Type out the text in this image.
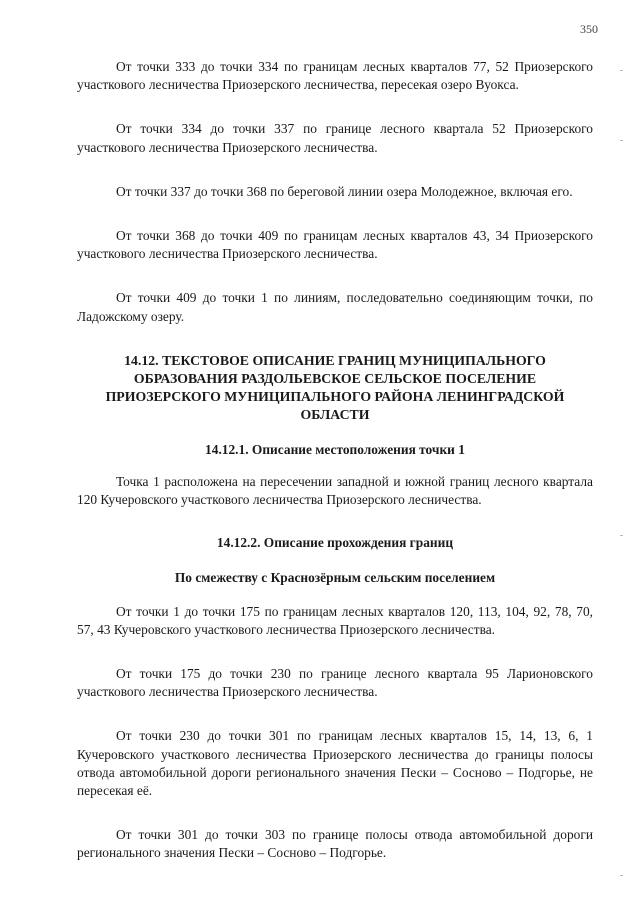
350

От точки 333 до точки 334 по границам лесных кварталов 77, 52 Приозерского участкового лесничества Приозерского лесничества, пересекая озеро Вуокса.

От точки 334 до точки 337 по границе лесного квартала 52 Приозерского участкового лесничества Приозерского лесничества.

От точки 337 до точки 368 по береговой линии озера Молодежное, включая его.

От точки 368 до точки 409 по границам лесных кварталов 43, 34 Приозерского участкового лесничества Приозерского лесничества.

От точки 409 до точки 1 по линиям, последовательно соединяющим точки, по Ладожскому озеру.

14.12. ТЕКСТОВОЕ ОПИСАНИЕ ГРАНИЦ МУНИЦИПАЛЬНОГО ОБРАЗОВАНИЯ РАЗДОЛЬЕВСКОЕ СЕЛЬСКОЕ ПОСЕЛЕНИЕ ПРИОЗЕРСКОГО МУНИЦИПАЛЬНОГО РАЙОНА ЛЕНИНГРАДСКОЙ ОБЛАСТИ
14.12.1. Описание местоположения точки 1

Точка 1 расположена на пересечении западной и южной границ лесного квартала 120 Кучеровского участкового лесничества Приозерского лесничества.

14.12.2. Описание прохождения границ
По смежеству с Краснозёрным сельским поселением

От точки 1 до точки 175 по границам лесных кварталов 120, 113, 104, 92, 78, 70, 57, 43 Кучеровского участкового лесничества Приозерского лесничества.

От точки 175 до точки 230 по границе лесного квартала 95 Ларионовского участкового лесничества Приозерского лесничества.

От точки 230 до точки 301 по границам лесных кварталов 15, 14, 13, 6, 1 Кучеровского участкового лесничества Приозерского лесничества до границы полосы отвода автомобильной дороги регионального значения Пески – Сосново – Подгорье, не пересекая её.

От точки 301 до точки 303 по границе полосы отвода автомобильной дороги регионального значения Пески – Сосново – Подгорье.
